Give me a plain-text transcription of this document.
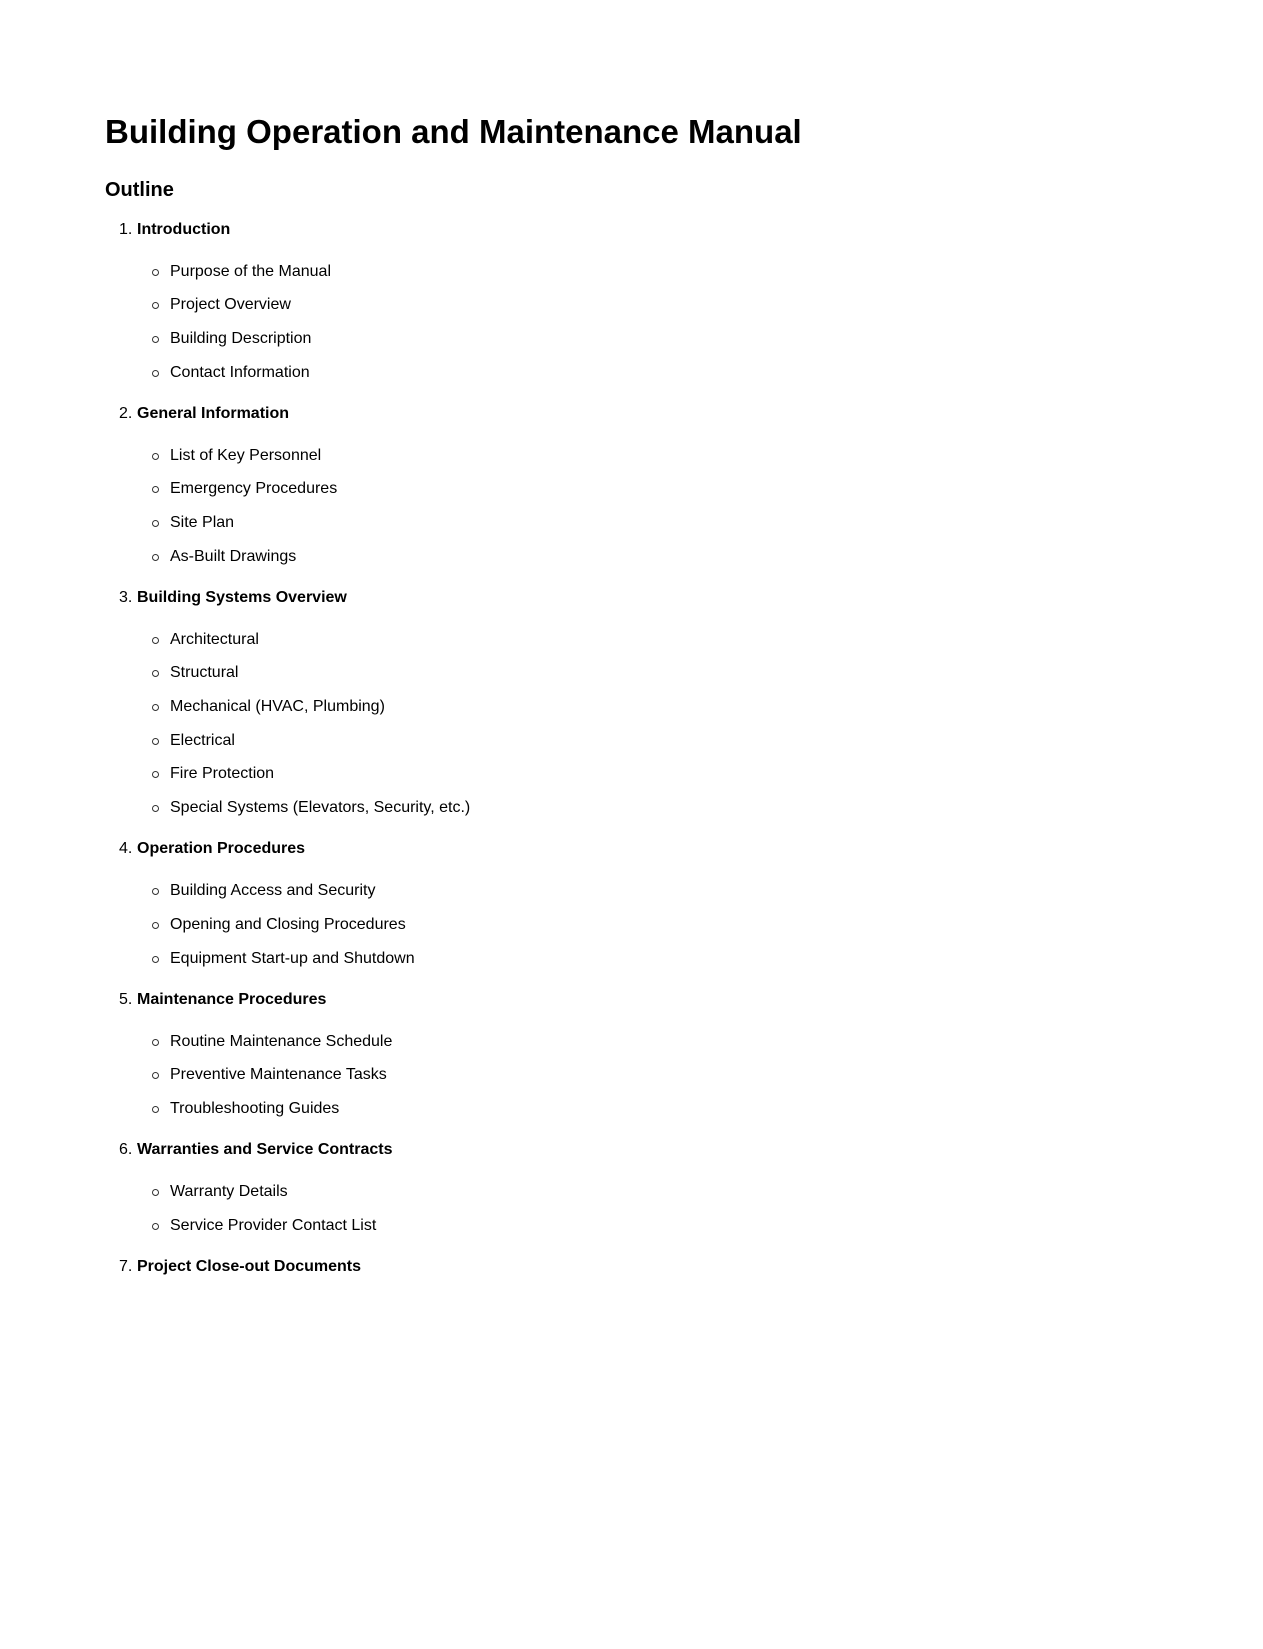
Building Operation and Maintenance Manual
Outline
1. Introduction
Purpose of the Manual
Project Overview
Building Description
Contact Information
2. General Information
List of Key Personnel
Emergency Procedures
Site Plan
As-Built Drawings
3. Building Systems Overview
Architectural
Structural
Mechanical (HVAC, Plumbing)
Electrical
Fire Protection
Special Systems (Elevators, Security, etc.)
4. Operation Procedures
Building Access and Security
Opening and Closing Procedures
Equipment Start-up and Shutdown
5. Maintenance Procedures
Routine Maintenance Schedule
Preventive Maintenance Tasks
Troubleshooting Guides
6. Warranties and Service Contracts
Warranty Details
Service Provider Contact List
7. Project Close-out Documents
